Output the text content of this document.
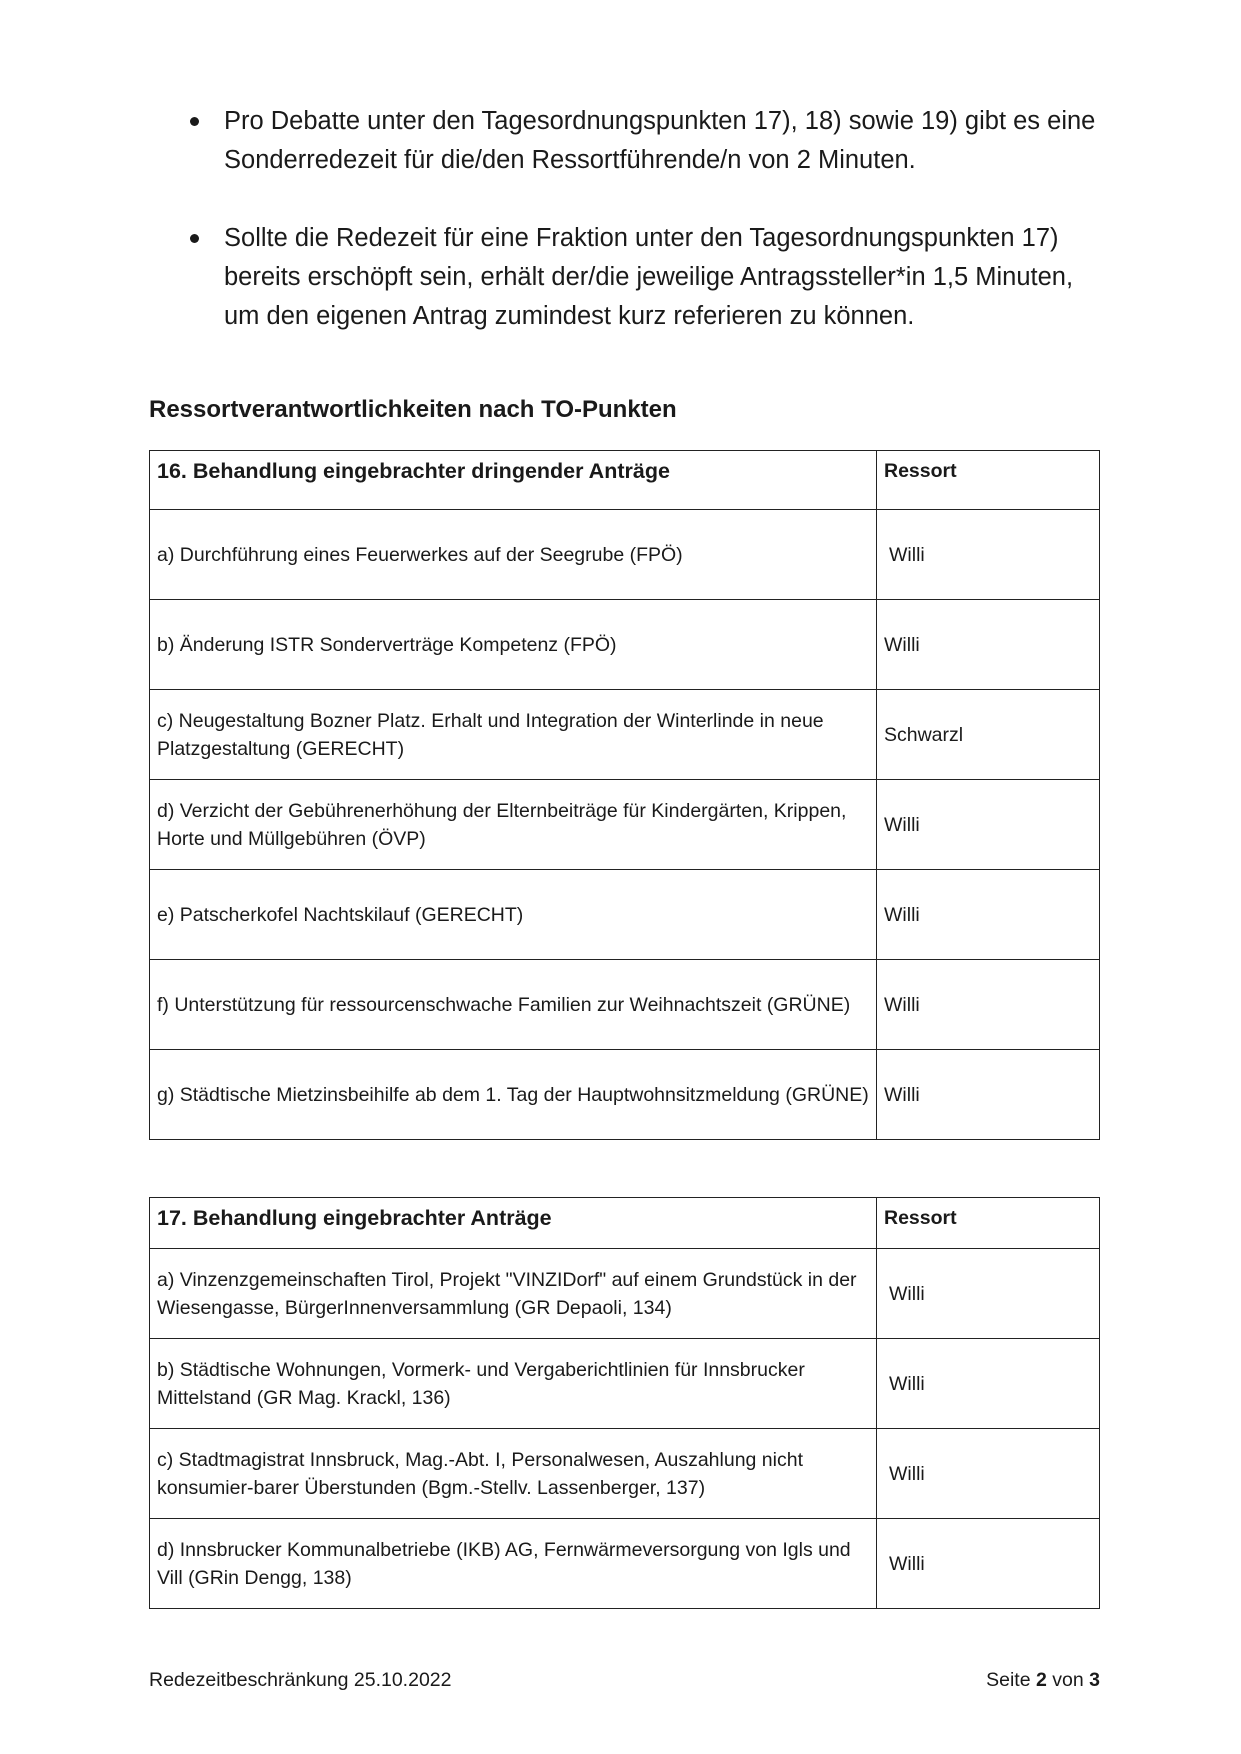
Pro Debatte unter den Tagesordnungspunkten 17), 18) sowie 19) gibt es eine Sonderredezeit für die/den Ressortführende/n von 2 Minuten.
Sollte die Redezeit für eine Fraktion unter den Tagesordnungspunkten 17) bereits erschöpft sein, erhält der/die jeweilige Antragssteller*in 1,5 Minuten, um den eigenen Antrag zumindest kurz referieren zu können.
Ressortverantwortlichkeiten nach TO-Punkten
16. Behandlung eingebrachter dringender Anträge	Ressort
a) Durchführung eines Feuerwerkes auf der Seegrube (FPÖ)	Willi
b) Änderung ISTR Sonderverträge Kompetenz (FPÖ)	Willi
c) Neugestaltung Bozner Platz. Erhalt und Integration der Winterlinde in neue Platzgestaltung (GERECHT)	Schwarzl
d) Verzicht der Gebührenerhöhung der Elternbeiträge für Kindergärten, Krippen, Horte und Müllgebühren (ÖVP)	Willi
e) Patscherkofel Nachtskilauf (GERECHT)	Willi
f) Unterstützung für ressourcenschwache Familien zur Weihnachtszeit (GRÜNE)	Willi
g) Städtische Mietzinsbeihilfe ab dem 1. Tag der Hauptwohnsitzmeldung (GRÜNE)	Willi
17. Behandlung eingebrachter Anträge	Ressort
a) Vinzenzgemeinschaften Tirol, Projekt "VINZIDorf" auf einem Grundstück in der Wiesengasse, BürgerInnenversammlung (GR Depaoli, 134)	Willi
b) Städtische Wohnungen, Vormerk- und Vergaberichtlinien für Innsbrucker Mittelstand (GR Mag. Krackl, 136)	Willi
c) Stadtmagistrat Innsbruck, Mag.-Abt. I, Personalwesen, Auszahlung nicht konsumier-barer Überstunden (Bgm.-Stellv. Lassenberger, 137)	Willi
d) Innsbrucker Kommunalbetriebe (IKB) AG, Fernwärmeversorgung von Igls und Vill (GRin Dengg, 138)	Willi
Redezeitbeschränkung 25.10.2022	Seite 2 von 3
